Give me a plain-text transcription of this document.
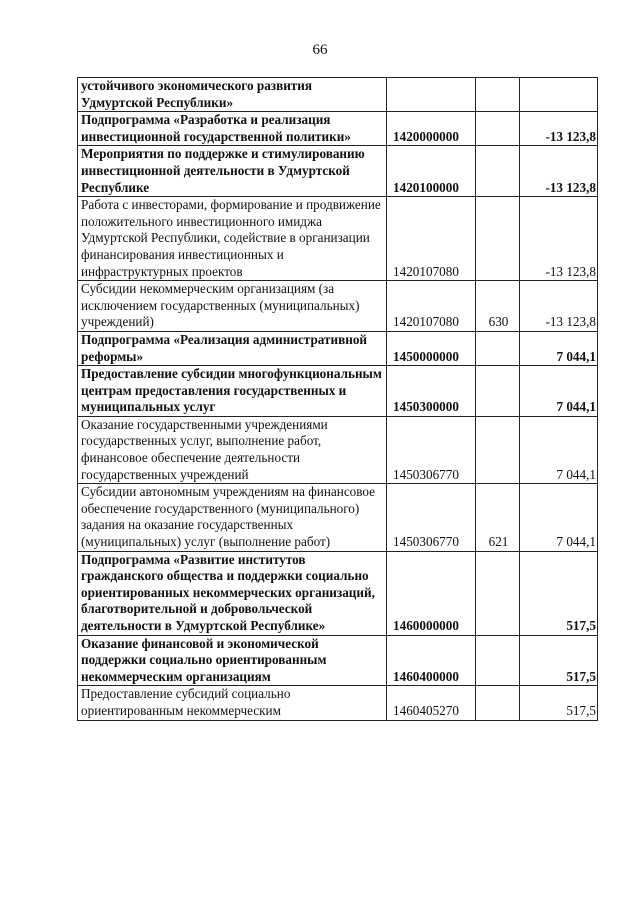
66
устойчивого экономического развития Удмуртской Республики»			
Подпрограмма «Разработка и реализация инвестиционной государственной политики»	1420000000		-13 123,8
Мероприятия по поддержке и стимулированию инвестиционной деятельности в Удмуртской Республике	1420100000		-13 123,8
Работа с инвесторами, формирование и продвижение положительного инвестиционного имиджа Удмуртской Республики, содействие в организации финансирования инвестиционных и инфраструктурных проектов	1420107080		-13 123,8
Субсидии некоммерческим организациям (за исключением государственных (муниципальных) учреждений)	1420107080	630	-13 123,8
Подпрограмма «Реализация административной реформы»	1450000000		7 044,1
Предоставление субсидии многофункциональным центрам предоставления государственных и муниципальных услуг	1450300000		7 044,1
Оказание государственными учреждениями государственных услуг, выполнение работ, финансовое обеспечение деятельности государственных учреждений	1450306770		7 044,1
Субсидии автономным учреждениям на финансовое обеспечение государственного (муниципального) задания на оказание государственных (муниципальных) услуг (выполнение работ)	1450306770	621	7 044,1
Подпрограмма «Развитие институтов гражданского общества и поддержки социально ориентированных некоммерческих организаций, благотворительной и добровольческой деятельности в Удмуртской Республике»	1460000000		517,5
Оказание финансовой и экономической поддержки социально ориентированным некоммерческим организациям	1460400000		517,5
Предоставление субсидий социально ориентированным некоммерческим	1460405270		517,5
